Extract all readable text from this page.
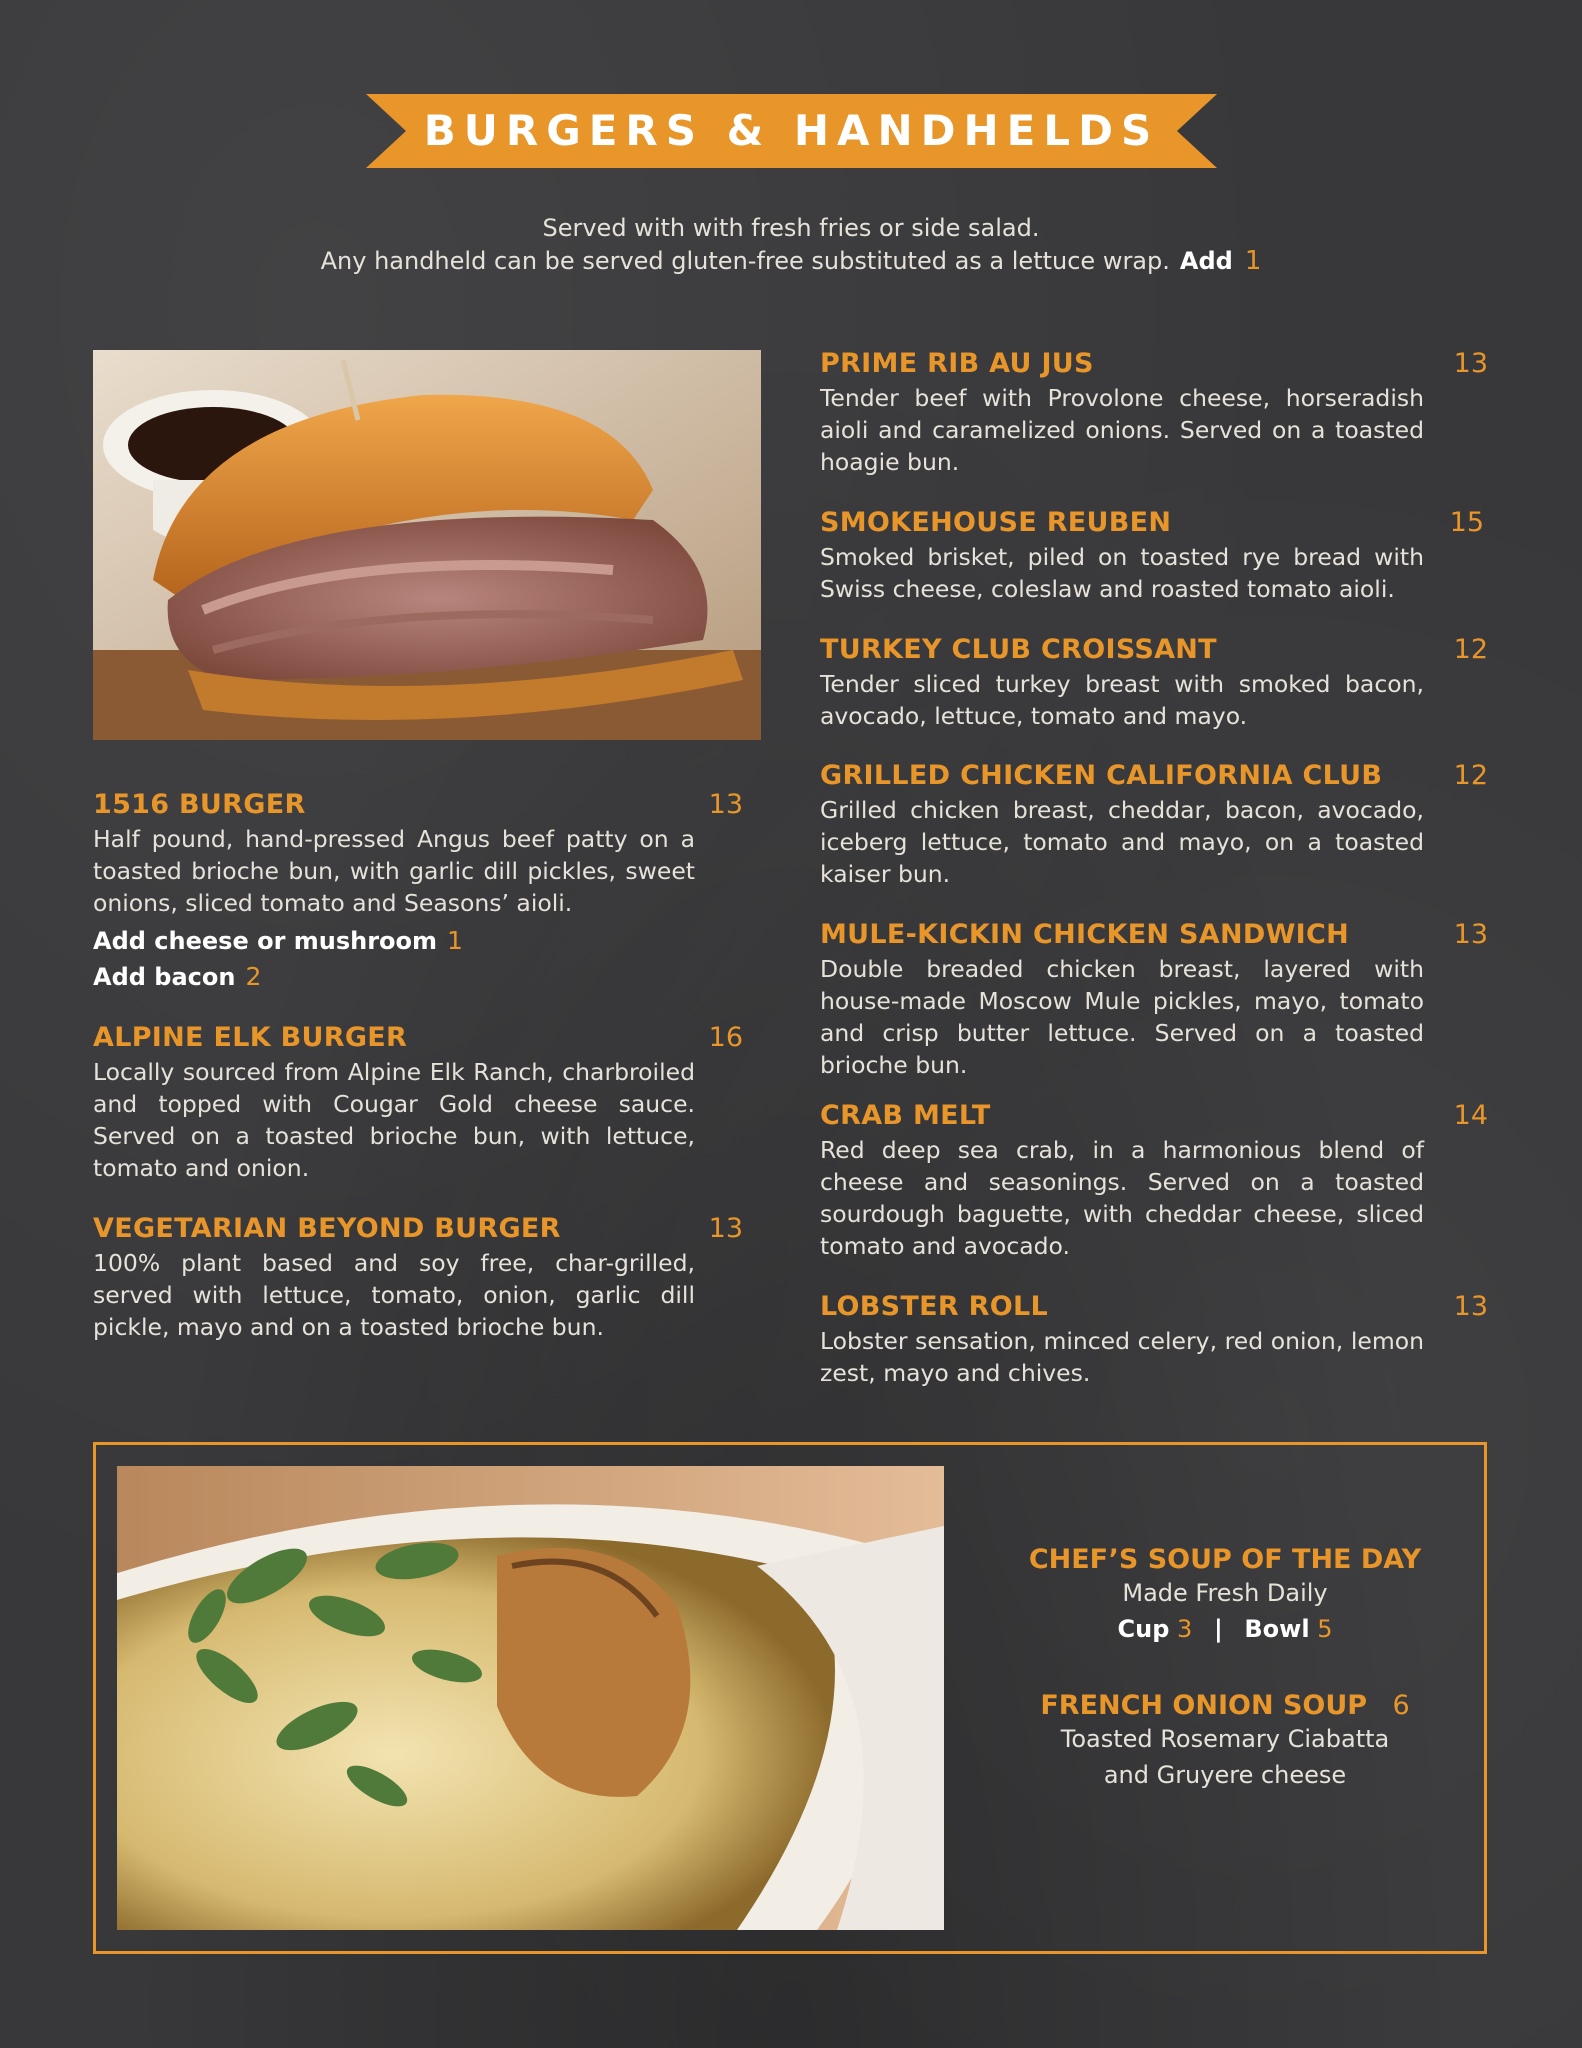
BURGERS & HANDHELDS
Served with with fresh fries or side salad.
Any handheld can be served gluten-free substituted as a lettuce wrap. Add 1
1516 BURGER	13
Half pound, hand-pressed Angus beef patty on a toasted brioche bun, with garlic dill pickles, sweet onions, sliced tomato and Seasons’ aioli.
Add cheese or mushroom 1
Add bacon 2
ALPINE ELK BURGER	16
Locally sourced from Alpine Elk Ranch, charbroiled and topped with Cougar Gold cheese sauce. Served on a toasted brioche bun, with lettuce, tomato and onion.
VEGETARIAN BEYOND BURGER	13
100% plant based and soy free, char-grilled, served with lettuce, tomato, onion, garlic dill pickle, mayo and on a toasted brioche bun.
PRIME RIB AU JUS	13
Tender beef with Provolone cheese, horseradish aioli and caramelized onions. Served on a toasted hoagie bun.
SMOKEHOUSE REUBEN	15
Smoked brisket, piled on toasted rye bread with Swiss cheese, coleslaw and roasted tomato aioli.
TURKEY CLUB CROISSANT	12
Tender sliced turkey breast with smoked bacon, avocado, lettuce, tomato and mayo.
GRILLED CHICKEN CALIFORNIA CLUB	12
Grilled chicken breast, cheddar, bacon, avocado, iceberg lettuce, tomato and mayo, on a toasted kaiser bun.
MULE-KICKIN CHICKEN SANDWICH	13
Double breaded chicken breast, layered with house-made Moscow Mule pickles, mayo, tomato and crisp butter lettuce. Served on a toasted brioche bun.
CRAB MELT	14
Red deep sea crab, in a harmonious blend of cheese and seasonings. Served on a toasted sourdough baguette, with cheddar cheese, sliced tomato and avocado.
LOBSTER ROLL	13
Lobster sensation, minced celery, red onion, lemon zest, mayo and chives.
CHEF’S SOUP OF THE DAY
Made Fresh Daily
Cup 3 | Bowl 5
FRENCH ONION SOUP 6
Toasted Rosemary Ciabatta
and Gruyere cheese
